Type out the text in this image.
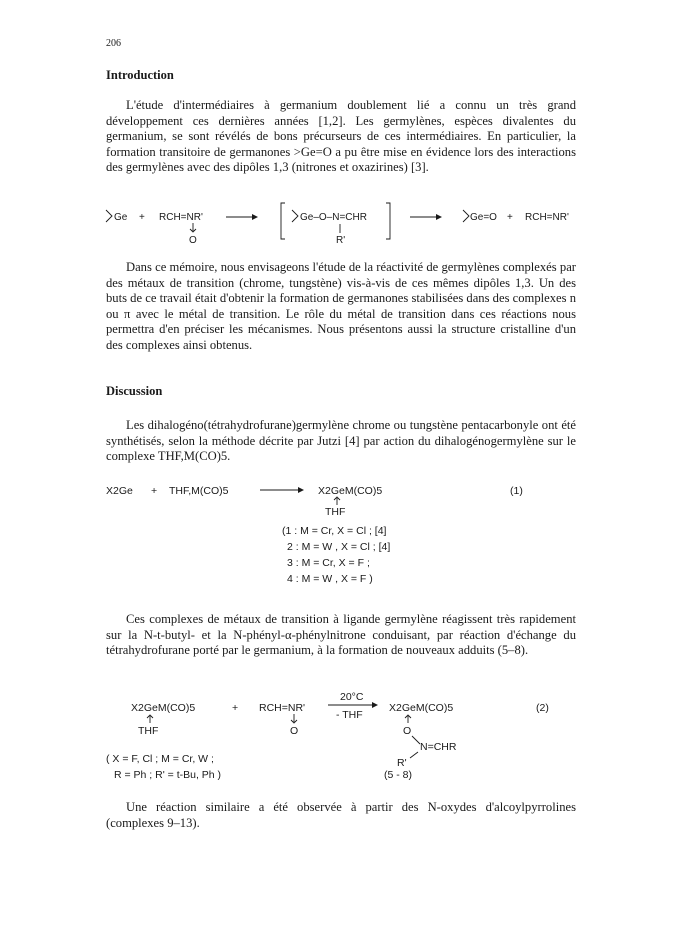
206
Introduction

L'étude d'intermédiaires à germanium doublement lié a connu un très grand développement ces dernières années [1,2]. Les germylènes, espèces divalentes du germanium, se sont révélés de bons précurseurs de ces intermédiaires. En particulier, la formation transitoire de germanones >Ge=O a pu être mise en évidence lors des interactions des germylènes avec des dipôles 1,3 (nitrones et oxazirines) [3].

Ge + RCH=NR'
O
Ge–O–N=CHR
R'
Ge=O + RCH=NR'

Dans ce mémoire, nous envisageons l'étude de la réactivité de germylènes complexés par des métaux de transition (chrome, tungstène) vis-à-vis de ces mêmes dipôles 1,3. Un des buts de ce travail était d'obtenir la formation de germanones stabilisées dans des complexes n ou π avec le métal de transition. Le rôle du métal de transition dans ces réactions nous permettra d'en préciser les mécanismes. Nous présentons aussi la structure cristalline d'un des complexes ainsi obtenus.

Discussion

Les dihalogéno(tétrahydrofurane)germylène chrome ou tungstène pentacarbonyle ont été synthétisés, selon la méthode décrite par Jutzi [4] par action du dihalogénogermylène sur le complexe THF,M(CO)5.

X2Ge + THF,M(CO)5	X2GeM(CO)5
THF
(1)
(1 : M = Cr, X = Cl ; [4]
2 : M = W , X = Cl ; [4]
3 : M = Cr, X = F ;
4 : M = W , X = F )

Ces complexes de métaux de transition à ligande germylène réagissent très rapidement sur la N-t-butyl- et la N-phényl-α-phénylnitrone conduisant, par réaction d'échange du tétrahydrofurane porté par le germanium, à la formation de nouveaux adduits (5–8).

X2GeM(CO)5
THF
+ RCH=NR'
O
20°C
- THF
X2GeM(CO)5
O
N=CHR
R'
(2)
( X = F, Cl ; M = Cr, W ;
R = Ph ; R' = t-Bu, Ph )	(5 - 8)

Une réaction similaire a été observée à partir des N-oxydes d'alcoylpyrrolines (complexes 9–13).
